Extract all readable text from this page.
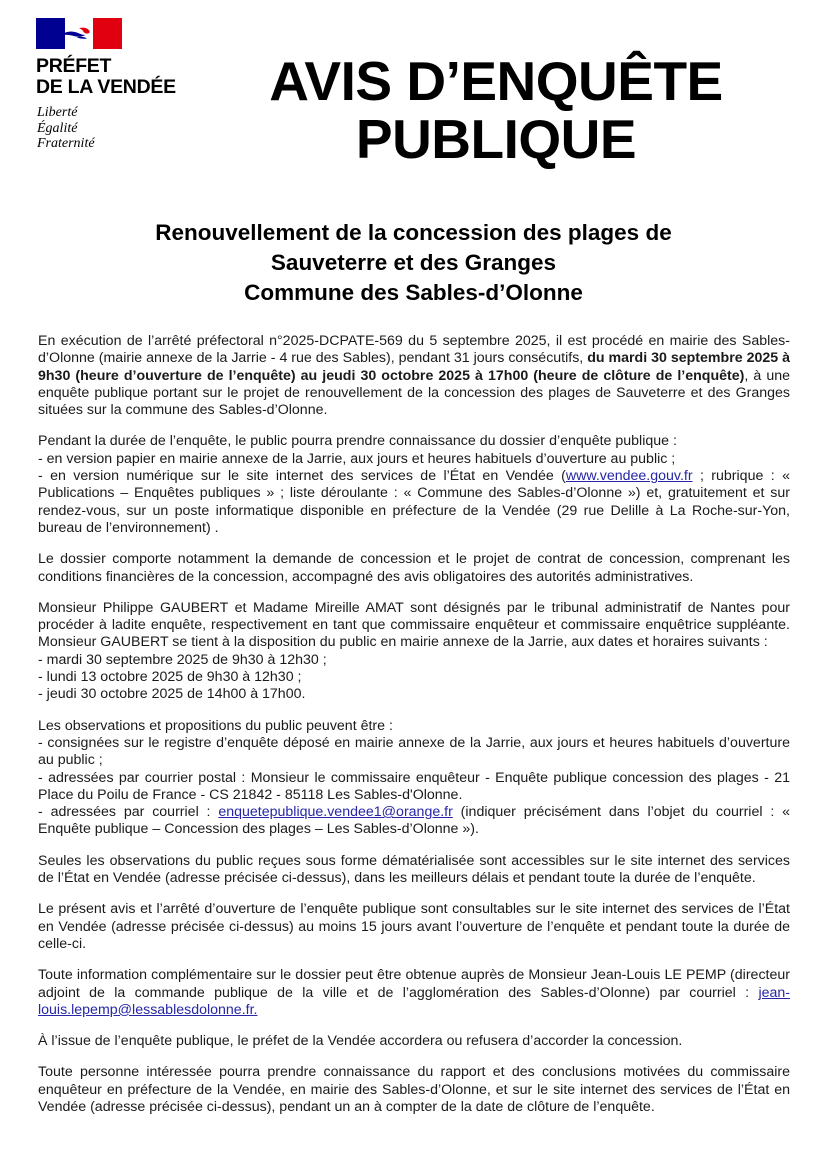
PRÉFET
DE LA VENDÉE
Liberté
Égalité
Fraternité
AVIS D’ENQUÊTE
PUBLIQUE
Renouvellement de la concession des plages de
Sauveterre et des Granges
Commune des Sables-d’Olonne

En exécution de l’arrêté préfectoral n°2025-DCPATE-569 du 5 septembre 2025, il est procédé en mairie des Sables-d’Olonne (mairie annexe de la Jarrie - 4 rue des Sables), pendant 31 jours consécutifs, du mardi 30 septembre 2025 à 9h30 (heure d’ouverture de l’enquête) au jeudi 30 octobre 2025 à 17h00 (heure de clôture de l’enquête), à une enquête publique portant sur le projet de renouvellement de la concession des plages de Sauveterre et des Granges situées sur la commune des Sables-d’Olonne.

Pendant la durée de l’enquête, le public pourra prendre connaissance du dossier d’enquête publique :
- en version papier en mairie annexe de la Jarrie, aux jours et heures habituels d’ouverture au public ;
- en version numérique sur le site internet des services de l’État en Vendée (www.vendee.gouv.fr ; rubrique : « Publications – Enquêtes publiques » ; liste déroulante : « Commune des Sables-d’Olonne ») et, gratuitement et sur rendez-vous, sur un poste informatique disponible en préfecture de la Vendée (29 rue Delille à La Roche-sur-Yon, bureau de l’environnement) .

Le dossier comporte notamment la demande de concession et le projet de contrat de concession, comprenant les conditions financières de la concession, accompagné des avis obligatoires des autorités administratives.

Monsieur Philippe GAUBERT et Madame Mireille AMAT sont désignés par le tribunal administratif de Nantes pour procéder à ladite enquête, respectivement en tant que commissaire enquêteur et commissaire enquêtrice suppléante. Monsieur GAUBERT se tient à la disposition du public en mairie annexe de la Jarrie, aux dates et horaires suivants :
- mardi 30 septembre 2025 de 9h30 à 12h30 ;
- lundi 13 octobre 2025 de 9h30 à 12h30 ;
- jeudi 30 octobre 2025 de 14h00 à 17h00.

Les observations et propositions du public peuvent être :
- consignées sur le registre d’enquête déposé en mairie annexe de la Jarrie, aux jours et heures habituels d’ouverture au public ;
- adressées par courrier postal : Monsieur le commissaire enquêteur - Enquête publique concession des plages - 21 Place du Poilu de France - CS 21842 - 85118 Les Sables-d'Olonne.
- adressées par courriel : enquetepublique.vendee1@orange.fr (indiquer précisément dans l’objet du courriel : « Enquête publique – Concession des plages – Les Sables-d’Olonne »).

Seules les observations du public reçues sous forme dématérialisée sont accessibles sur le site internet des services de l’État en Vendée (adresse précisée ci-dessus), dans les meilleurs délais et pendant toute la durée de l’enquête.

Le présent avis et l’arrêté d’ouverture de l’enquête publique sont consultables sur le site internet des services de l’État en Vendée (adresse précisée ci-dessus) au moins 15 jours avant l’ouverture de l’enquête et pendant toute la durée de celle-ci.

Toute information complémentaire sur le dossier peut être obtenue auprès de Monsieur Jean-Louis LE PEMP (directeur adjoint de la commande publique de la ville et de l’agglomération des Sables-d’Olonne) par courriel : jean-louis.lepemp@lessablesdolonne.fr.

À l’issue de l’enquête publique, le préfet de la Vendée accordera ou refusera d’accorder la concession.

Toute personne intéressée pourra prendre connaissance du rapport et des conclusions motivées du commissaire enquêteur en préfecture de la Vendée, en mairie des Sables-d’Olonne, et sur le site internet des services de l’État en Vendée (adresse précisée ci-dessus), pendant un an à compter de la date de clôture de l’enquête.
